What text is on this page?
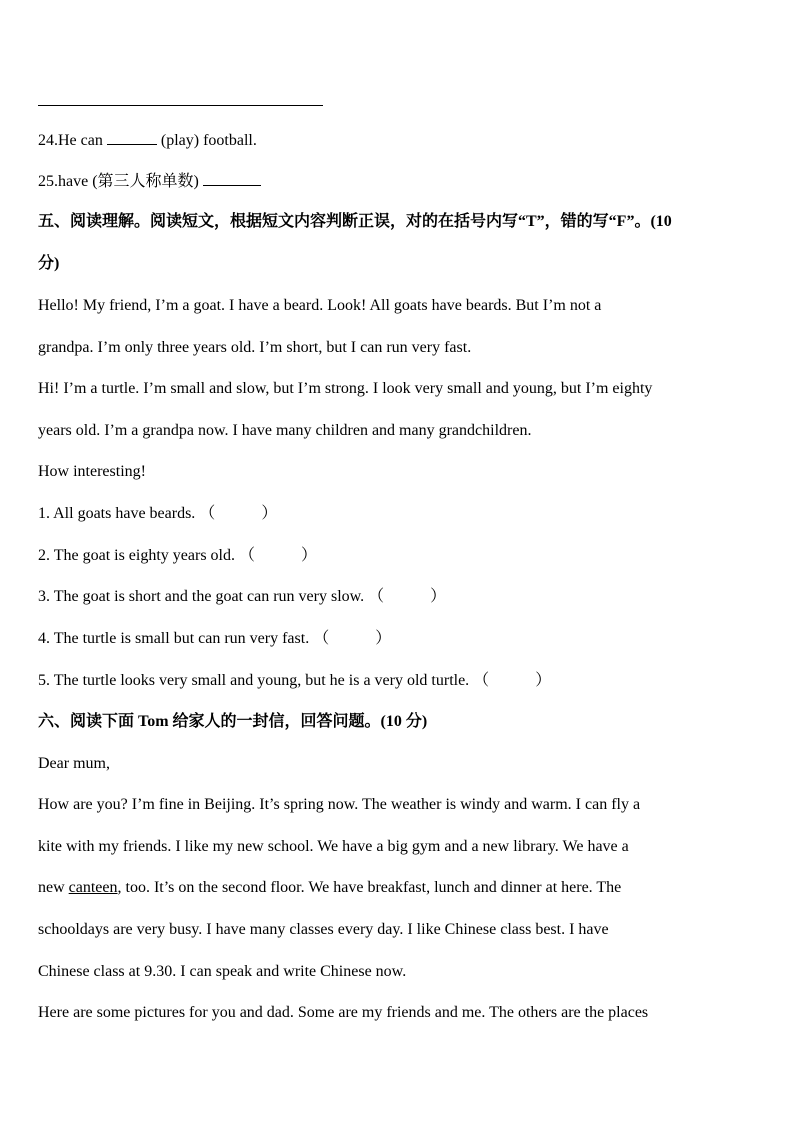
24.He can	(play) football.
25.have (第三人称单数)
五、阅读理解。阅读短文，根据短文内容判断正误，对的在括号内写“T”，错的写“F”。(10
分)
Hello! My friend, I’m a goat. I have a beard. Look! All goats have beards. But I’m not a
grandpa. I’m only three years old. I’m short, but I can run very fast.
Hi! I’m a turtle. I’m small and slow, but I’m strong. I look very small and young, but I’m eighty
years old. I’m a grandpa now. I have many children and many grandchildren.
How interesting!
1. All goats have beards. （	）
2. The goat is eighty years old. （	）
3. The goat is short and the goat can run very slow. （	）
4. The turtle is small but can run very fast. （	）
5. The turtle looks very small and young, but he is a very old turtle. （	）
六、阅读下面 Tom 给家人的一封信，回答问题。(10 分)
Dear mum,
How are you? I’m fine in Beijing. It’s spring now. The weather is windy and warm. I can fly a
kite with my friends. I like my new school. We have a big gym and a new library. We have a
new canteen, too. It’s on the second floor. We have breakfast, lunch and dinner at here. The
schooldays are very busy. I have many classes every day. I like Chinese class best. I have
Chinese class at 9.30. I can speak and write Chinese now.
Here are some pictures for you and dad. Some are my friends and me. The others are the places
